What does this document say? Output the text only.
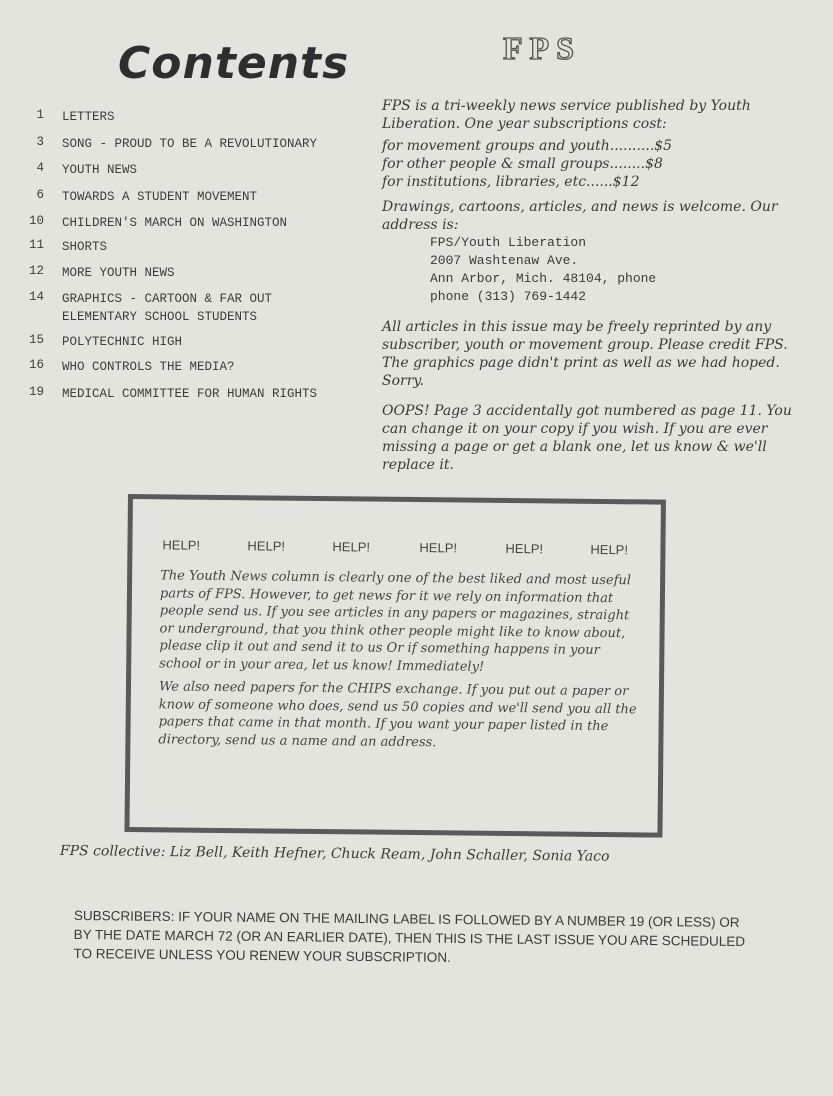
Contents	FPS
1 LETTERS
3 SONG - PROUD TO BE A REVOLUTIONARY
4 YOUTH NEWS
6 TOWARDS A STUDENT MOVEMENT
10 CHILDREN'S MARCH ON WASHINGTON
11 SHORTS
12 MORE YOUTH NEWS
14 GRAPHICS - CARTOON & FAR OUT ELEMENTARY SCHOOL STUDENTS
15 POLYTECHNIC HIGH
16 WHO CONTROLS THE MEDIA?
19 MEDICAL COMMITTEE FOR HUMAN RIGHTS

FPS is a tri-weekly news service published by Youth Liberation. One year subscriptions cost:

for movement groups and youth..........$5
for other people & small groups........$8
for institutions, libraries, etc......$12

Drawings, cartoons, articles, and news is welcome. Our address is:

FPS/Youth Liberation
2007 Washtenaw Ave.
Ann Arbor, Mich. 48104, phone
phone (313) 769-1442

All articles in this issue may be freely reprinted by any subscriber, youth or movement group. Please credit FPS. The graphics page didn't print as well as we had hoped. Sorry.

OOPS! Page 3 accidentally got numbered as page 11. You can change it on your copy if you wish. If you are ever missing a page or get a blank one, let us know & we'll replace it.

HELP!	HELP!	HELP!	HELP!	HELP!	HELP!

The Youth News column is clearly one of the best liked and most useful parts of FPS. However, to get news for it we rely on information that people send us. If you see articles in any papers or magazines, straight or underground, that you think other people might like to know about, please clip it out and send it to us Or if something happens in your school or in your area, let us know! Immediately!

We also need papers for the CHIPS exchange. If you put out a paper or know of someone who does, send us 50 copies and we'll send you all the papers that came in that month. If you want your paper listed in the directory, send us a name and an address.

FPS collective: Liz Bell, Keith Hefner, Chuck Ream, John Schaller, Sonia Yaco
SUBSCRIBERS: IF YOUR NAME ON THE MAILING LABEL IS FOLLOWED BY A NUMBER 19 (OR LESS) OR BY THE DATE MARCH 72 (OR AN EARLIER DATE), THEN THIS IS THE LAST ISSUE YOU ARE SCHEDULED TO RECEIVE UNLESS YOU RENEW YOUR SUBSCRIPTION.
